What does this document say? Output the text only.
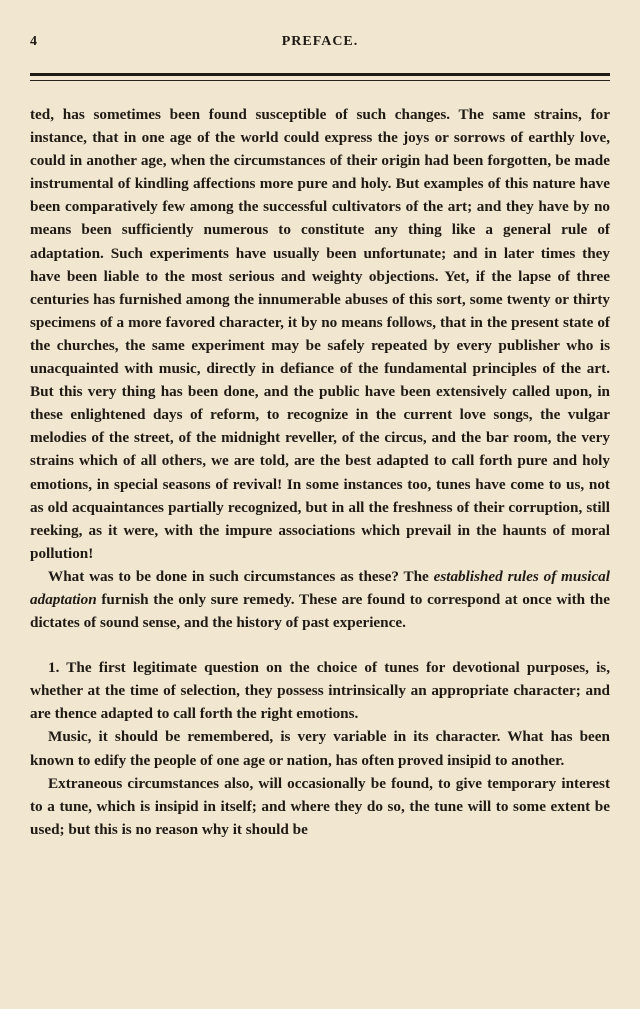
4	PREFACE.

ted, has sometimes been found susceptible of such changes. The same strains, for instance, that in one age of the world could express the joys or sorrows of earthly love, could in another age, when the circumstances of their origin had been forgotten, be made instrumental of kindling affections more pure and holy. But examples of this nature have been comparatively few among the successful cultivators of the art; and they have by no means been sufficiently numerous to constitute any thing like a general rule of adaptation. Such experiments have usually been unfortunate; and in later times they have been liable to the most serious and weighty objections. Yet, if the lapse of three centuries has furnished among the innumerable abuses of this sort, some twenty or thirty specimens of a more favored character, it by no means follows, that in the present state of the churches, the same experiment may be safely repeated by every publisher who is unacquainted with music, directly in defiance of the fundamental principles of the art. But this very thing has been done, and the public have been extensively called upon, in these enlightened days of reform, to recognize in the current love songs, the vulgar melodies of the street, of the midnight reveller, of the circus, and the bar room, the very strains which of all others, we are told, are the best adapted to call forth pure and holy emotions, in special seasons of revival! In some instances too, tunes have come to us, not as old acquaintances partially recognized, but in all the freshness of their corruption, still reeking, as it were, with the impure associations which prevail in the haunts of moral pollution!

What was to be done in such circumstances as these? The established rules of musical adaptation furnish the only sure remedy. These are found to correspond at once with the dictates of sound sense, and the history of past experience.

1. The first legitimate question on the choice of tunes for devotional purposes, is, whether at the time of selection, they possess intrinsically an appropriate character; and are thence adapted to call forth the right emotions.

Music, it should be remembered, is very variable in its character. What has been known to edify the people of one age or nation, has often proved insipid to another.

Extraneous circumstances also, will occasionally be found, to give temporary interest to a tune, which is insipid in itself; and where they do so, the tune will to some extent be used; but this is no reason why it should be
